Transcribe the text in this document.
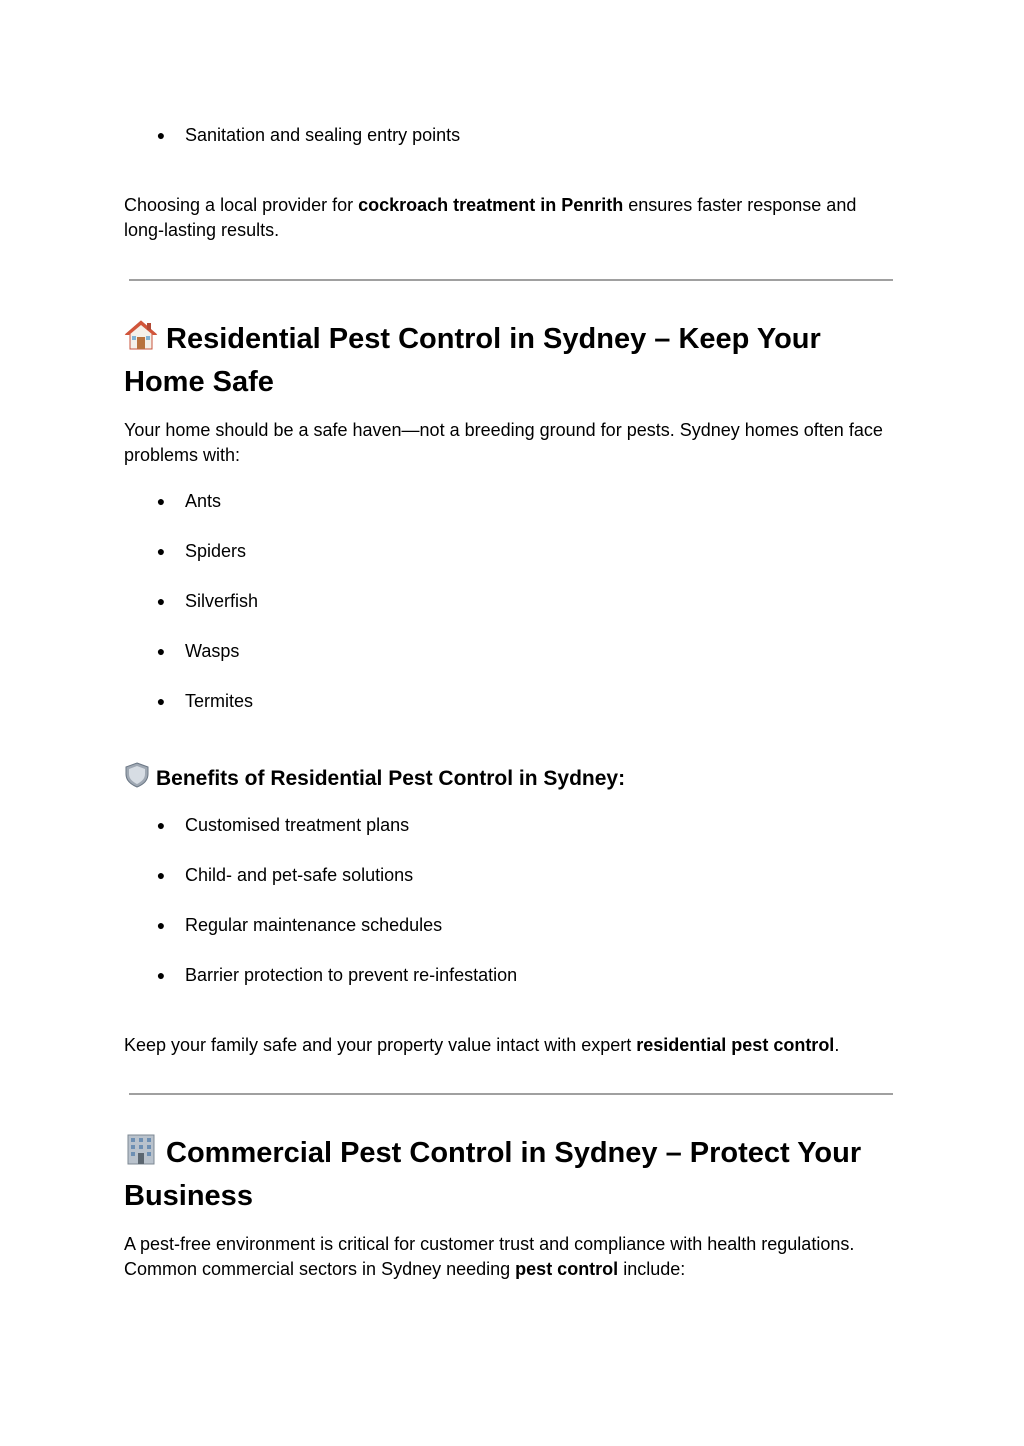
● Sanitation and sealing entry points

Choosing a local provider for cockroach treatment in Penrith ensures faster response and long-lasting results.

Residential Pest Control in Sydney – Keep Your Home Safe

Your home should be a safe haven—not a breeding ground for pests. Sydney homes often face problems with:

● Ants
● Spiders
● Silverfish
● Wasps
● Termites
Benefits of Residential Pest Control in Sydney:
● Customised treatment plans
● Child- and pet-safe solutions
● Regular maintenance schedules
● Barrier protection to prevent re-infestation

Keep your family safe and your property value intact with expert residential pest control.

Commercial Pest Control in Sydney – Protect Your Business

A pest-free environment is critical for customer trust and compliance with health regulations. Common commercial sectors in Sydney needing pest control include:
